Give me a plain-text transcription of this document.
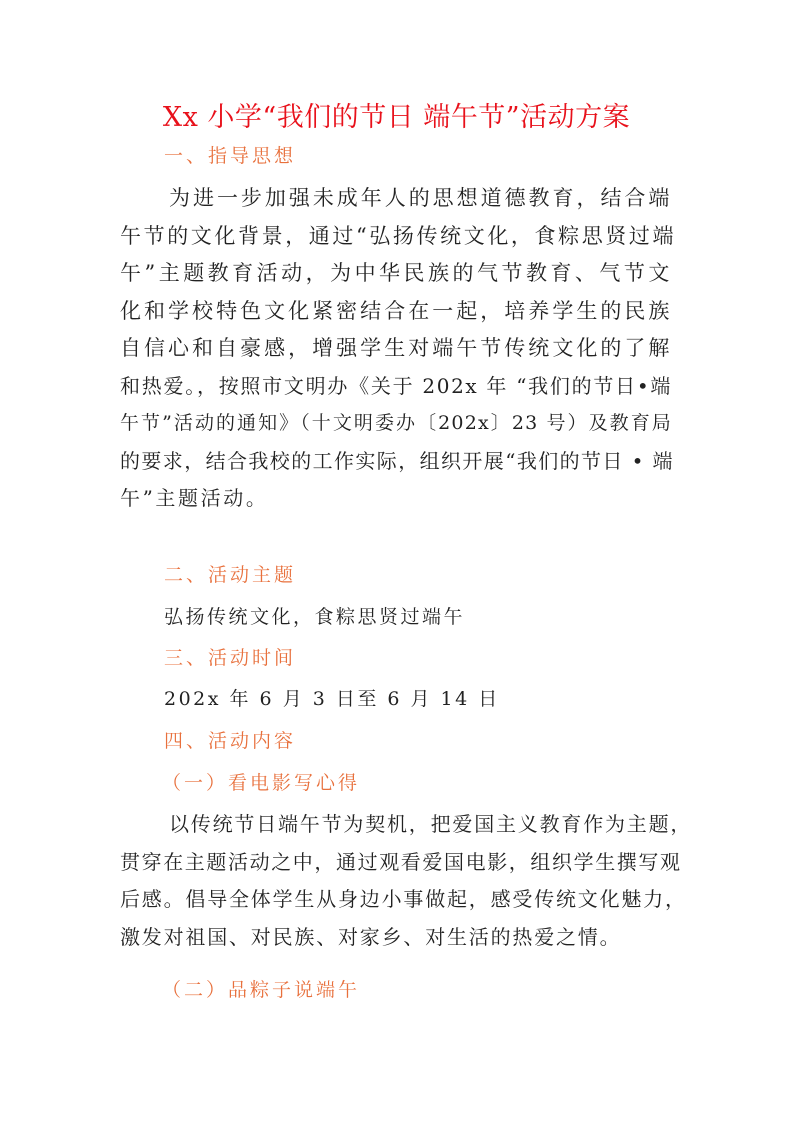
Xx 小学“我们的节日 端午节”活动方案
一、指导思想
为进一步加强未成年人的思想道德教育，结合端
午节的文化背景，通过“弘扬传统文化，食粽思贤过端
午”主题教育活动，为中华民族的气节教育、气节文
化和学校特色文化紧密结合在一起，培养学生的民族
自信心和自豪感，增强学生对端午节传统文化的了解
和热爱。，按照市文明办《关于 202x 年 “我们的节日•端
午节”活动的通知》（十文明委办〔202x〕23 号）及教育局
的要求，结合我校的工作实际，组织开展“我们的节日 • 端
午”主题活动。
二、活动主题
弘扬传统文化，食粽思贤过端午
三、活动时间
202x 年 6 月 3 日至 6 月 14 日
四、活动内容
（一）看电影写心得
以传统节日端午节为契机，把爱国主义教育作为主题，
贯穿在主题活动之中，通过观看爱国电影，组织学生撰写观
后感。倡导全体学生从身边小事做起，感受传统文化魅力，
激发对祖国、对民族、对家乡、对生活的热爱之情。
（二）品粽子说端午
